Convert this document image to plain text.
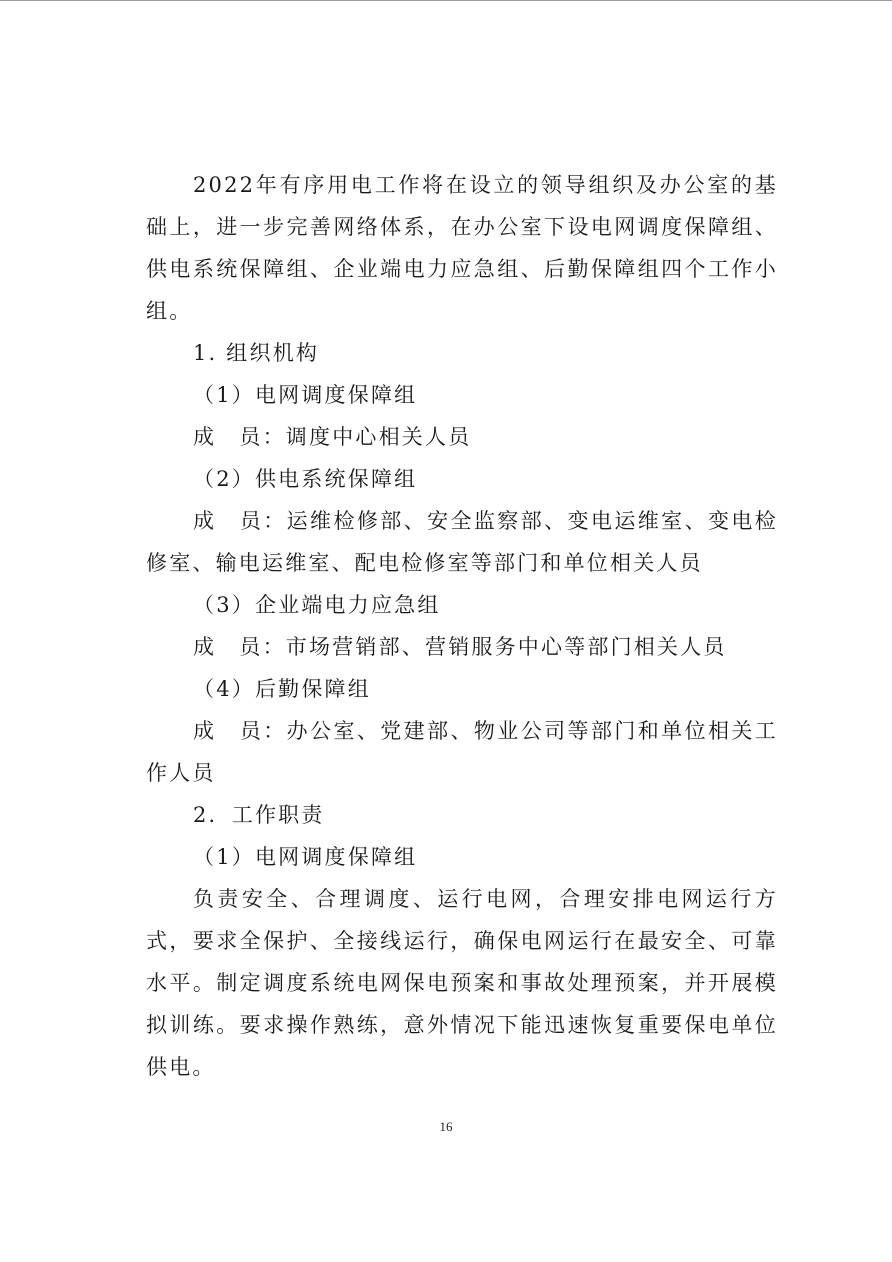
2022年有序用电工作将在设立的领导组织及办公室的基础上，进一步完善网络体系，在办公室下设电网调度保障组、供电系统保障组、企业端电力应急组、后勤保障组四个工作小组。

1. 组织机构

（1）电网调度保障组

成　员：调度中心相关人员

（2）供电系统保障组

成　员：运维检修部、安全监察部、变电运维室、变电检修室、输电运维室、配电检修室等部门和单位相关人员

（3）企业端电力应急组

成　员：市场营销部、营销服务中心等部门相关人员

（4）后勤保障组

成　员：办公室、党建部、物业公司等部门和单位相关工作人员

2．工作职责

（1）电网调度保障组

负责安全、合理调度、运行电网，合理安排电网运行方式，要求全保护、全接线运行，确保电网运行在最安全、可靠水平。制定调度系统电网保电预案和事故处理预案，并开展模拟训练。要求操作熟练，意外情况下能迅速恢复重要保电单位供电。

16
